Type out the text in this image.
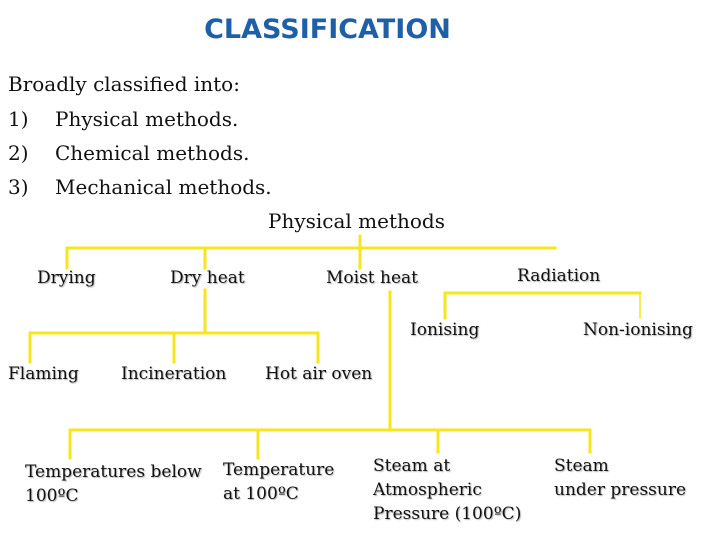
CLASSIFICATION
Broadly classified into:
1) Physical methods.
2) Chemical methods.
3) Mechanical methods.
Physical methods
Drying	Dry heat	Moist heat	Radiation
Ionising	Non-ionising
Flaming Incineration Hot air oven
Temperatures below
100ºC
Temperature
at 100ºC
Steam at
Atmospheric
Pressure (100ºC)
Steam
under pressure
